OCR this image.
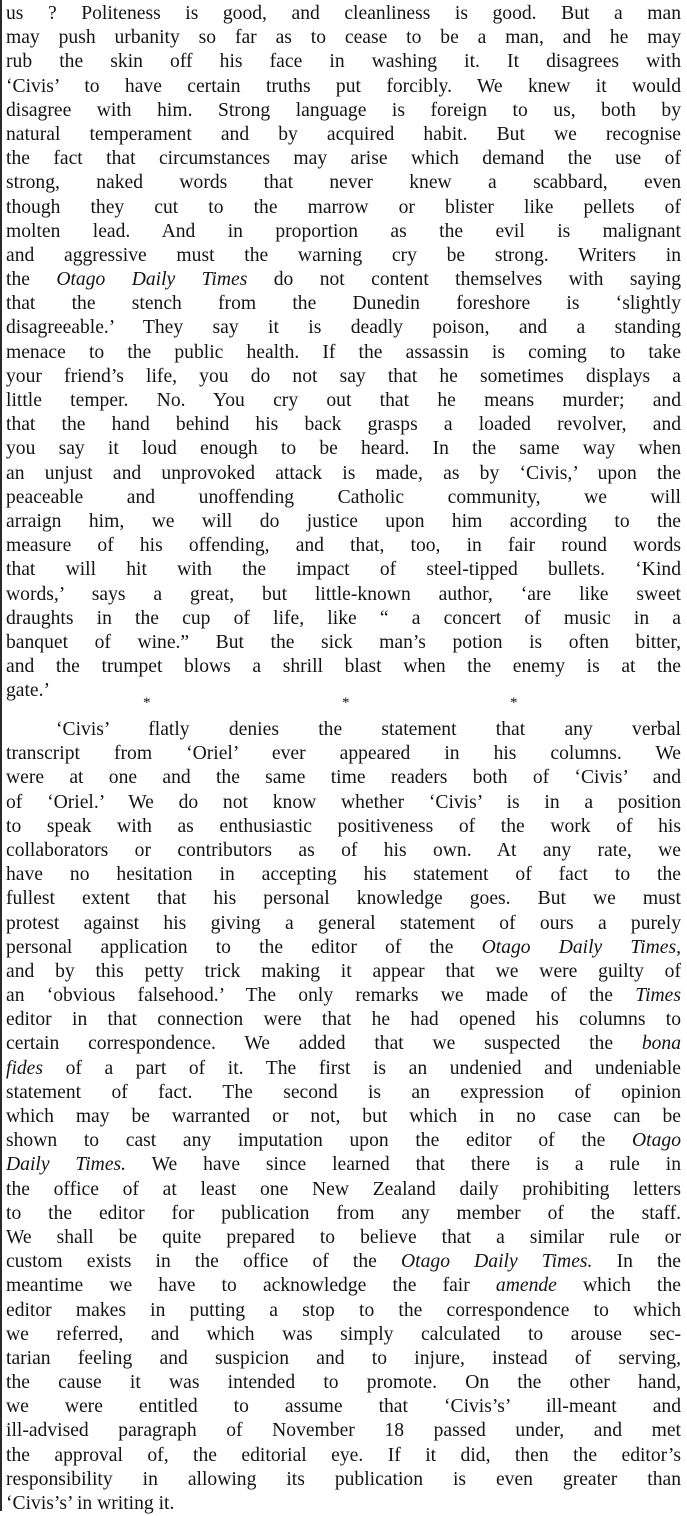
us ? Politeness is good, and cleanliness is good. But a man
may push urbanity so far as to cease to be a man, and he may
rub the skin off his face in washing it. It disagrees with
‘Civis’ to have certain truths put forcibly. We knew it would
disagree with him. Strong language is foreign to us, both by
natural temperament and by acquired habit. But we recognise
the fact that circumstances may arise which demand the use of
strong, naked words that never knew a scabbard, even
though they cut to the marrow or blister like pellets of
molten lead. And in proportion as the evil is malignant
and aggressive must the warning cry be strong. Writers in
the Otago Daily Times do not content themselves with saying
that the stench from the Dunedin foreshore is ‘slightly
disagreeable.’ They say it is deadly poison, and a standing
menace to the public health. If the assassin is coming to take
your friend’s life, you do not say that he sometimes displays a
little temper. No. You cry out that he means murder; and
that the hand behind his back grasps a loaded revolver, and
you say it loud enough to be heard. In the same way when
an unjust and unprovoked attack is made, as by ‘Civis,’ upon the
peaceable and unoffending Catholic community, we will
arraign him, we will do justice upon him according to the
measure of his offending, and that, too, in fair round words
that will hit with the impact of steel-tipped bullets. ‘Kind
words,’ says a great, but little-known author, ‘are like sweet
draughts in the cup of life, like “ a concert of music in a
banquet of wine.” But the sick man’s potion is often bitter,
and the trumpet blows a shrill blast when the enemy is at the
gate.’
*	*	*
‘Civis’ flatly denies the statement that any verbal
transcript from ‘Oriel’ ever appeared in his columns. We
were at one and the same time readers both of ‘Civis’ and
of ‘Oriel.’ We do not know whether ‘Civis’ is in a position
to speak with as enthusiastic positiveness of the work of his
collaborators or contributors as of his own. At any rate, we
have no hesitation in accepting his statement of fact to the
fullest extent that his personal knowledge goes. But we must
protest against his giving a general statement of ours a purely
personal application to the editor of the Otago Daily Times,
and by this petty trick making it appear that we were guilty of
an ‘obvious falsehood.’ The only remarks we made of the Times
editor in that connection were that he had opened his columns to
certain correspondence. We added that we suspected the bona
fides of a part of it. The first is an undenied and undeniable
statement of fact. The second is an expression of opinion
which may be warranted or not, but which in no case can be
shown to cast any imputation upon the editor of the Otago
Daily Times. We have since learned that there is a rule in
the office of at least one New Zealand daily prohibiting letters
to the editor for publication from any member of the staff.
We shall be quite prepared to believe that a similar rule or
custom exists in the office of the Otago Daily Times. In the
meantime we have to acknowledge the fair amende which the
editor makes in putting a stop to the correspondence to which
we referred, and which was simply calculated to arouse sec-
tarian feeling and suspicion and to injure, instead of serving,
the cause it was intended to promote. On the other hand,
we were entitled to assume that ‘Civis’s’ ill-meant and
ill-advised paragraph of November 18 passed under, and met
the approval of, the editorial eye. If it did, then the editor’s
responsibility in allowing its publication is even greater than
‘Civis’s’ in writing it.
